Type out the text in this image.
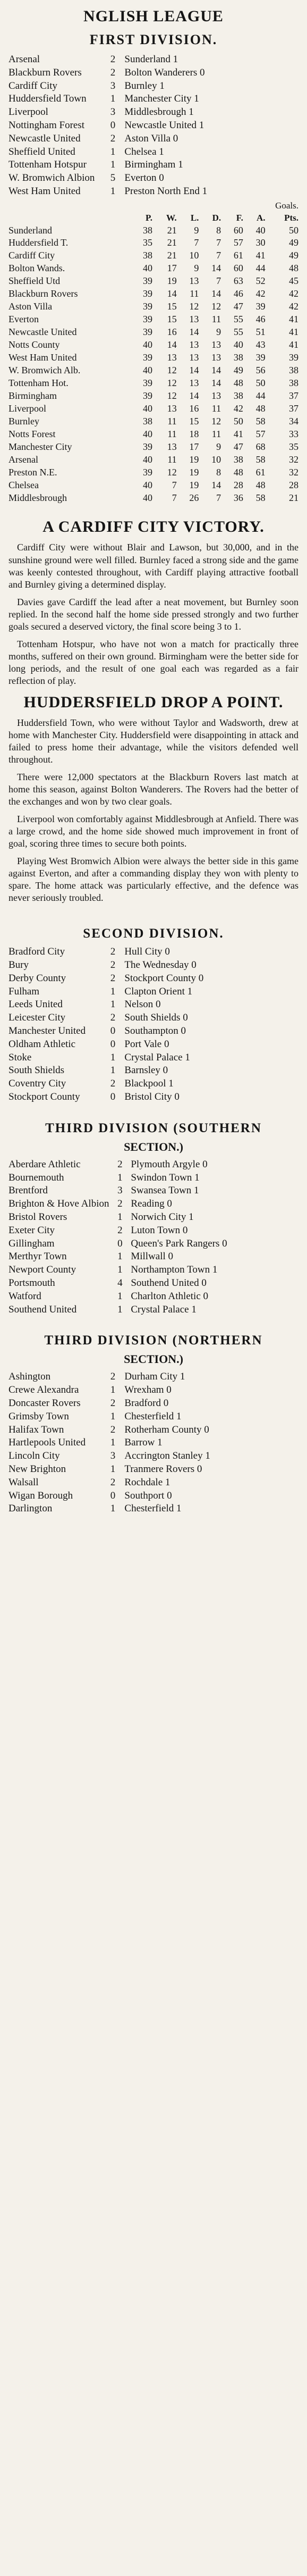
NGLISH LEAGUE
FIRST DIVISION.
Arsenal	2	Sunderland 1
Blackburn Rovers	2	Bolton Wanderers 0
Cardiff City	3	Burnley 1
Huddersfield Town	1	Manchester City 1
Liverpool	3	Middlesbrough 1
Nottingham Forest	0	Newcastle United 1
Newcastle United	2	Aston Villa 0
Sheffield United	1	Chelsea 1
Tottenham Hotspur	1	Birmingham 1
W. Bromwich Albion	5	Everton 0
West Ham United	1	Preston North End 1
Goals.
	P.	W.	L.	D.	F.	A.	Pts.
Sunderland	38	21	9	8	60	40	50
Huddersfield T.	35	21	7	7	57	30	49
Cardiff City	38	21	10	7	61	41	49
Bolton Wands.	40	17	9	14	60	44	48
Sheffield Utd	39	19	13	7	63	52	45
Blackburn Rovers	39	14	11	14	46	42	42
Aston Villa	39	15	12	12	47	39	42
Everton	39	15	13	11	55	46	41
Newcastle United	39	16	14	9	55	51	41
Notts County	40	14	13	13	40	43	41
West Ham United	39	13	13	13	38	39	39
W. Bromwich Alb.	40	12	14	14	49	56	38
Tottenham Hot.	39	12	13	14	48	50	38
Birmingham	39	12	14	13	38	44	37
Liverpool	40	13	16	11	42	48	37
Burnley	38	11	15	12	50	58	34
Notts Forest	40	11	18	11	41	57	33
Manchester City	39	13	17	9	47	68	35
Arsenal	40	11	19	10	38	58	32
Preston N.E.	39	12	19	8	48	61	32
Chelsea	40	7	19	14	28	48	28
Middlesbrough	40	7	26	7	36	58	21
A CARDIFF CITY VICTORY.

Cardiff City were without Blair and Lawson, but 30,000, and in the sunshine ground were well filled. Burnley faced a strong side and the game was keenly contested throughout, with Cardiff playing attractive football and Burnley giving a determined display.

Davies gave Cardiff the lead after a neat movement, but Burnley soon replied. In the second half the home side pressed strongly and two further goals secured a deserved victory, the final score being 3 to 1.

Tottenham Hotspur, who have not won a match for practically three months, suffered on their own ground. Birmingham were the better side for long periods, and the result of one goal each was regarded as a fair reflection of play.

HUDDERSFIELD DROP A POINT.

Huddersfield Town, who were without Taylor and Wadsworth, drew at home with Manchester City. Huddersfield were disappointing in attack and failed to press home their advantage, while the visitors defended well throughout.

There were 12,000 spectators at the Blackburn Rovers last match at home this season, against Bolton Wanderers. The Rovers had the better of the exchanges and won by two clear goals.

Liverpool won comfortably against Middlesbrough at Anfield. There was a large crowd, and the home side showed much improvement in front of goal, scoring three times to secure both points.

Playing West Bromwich Albion were always the better side in this game against Everton, and after a commanding display they won with plenty to spare. The home attack was particularly effective, and the defence was never seriously troubled.

SECOND DIVISION.
Bradford City	2	Hull City 0
Bury	2	The Wednesday 0
Derby County	2	Stockport County 0
Fulham	1	Clapton Orient 1
Leeds United	1	Nelson 0
Leicester City	2	South Shields 0
Manchester United	0	Southampton 0
Oldham Athletic	0	Port Vale 0
Stoke	1	Crystal Palace 1
South Shields	1	Barnsley 0
Coventry City	2	Blackpool 1
Stockport County	0	Bristol City 0
THIRD DIVISION (SOUTHERN
SECTION.)
Aberdare Athletic	2	Plymouth Argyle 0
Bournemouth	1	Swindon Town 1
Brentford	3	Swansea Town 1
Brighton & Hove Albion	2	Reading 0
Bristol Rovers	1	Norwich City 1
Exeter City	2	Luton Town 0
Gillingham	0	Queen's Park Rangers 0
Merthyr Town	1	Millwall 0
Newport County	1	Northampton Town 1
Portsmouth	4	Southend United 0
Watford	1	Charlton Athletic 0
Southend United	1	Crystal Palace 1
THIRD DIVISION (NORTHERN
SECTION.)
Ashington	2	Durham City 1
Crewe Alexandra	1	Wrexham 0
Doncaster Rovers	2	Bradford 0
Grimsby Town	1	Chesterfield 1
Halifax Town	2	Rotherham County 0
Hartlepools United	1	Barrow 1
Lincoln City	3	Accrington Stanley 1
New Brighton	1	Tranmere Rovers 0
Walsall	2	Rochdale 1
Wigan Borough	0	Southport 0
Darlington	1	Chesterfield 1
